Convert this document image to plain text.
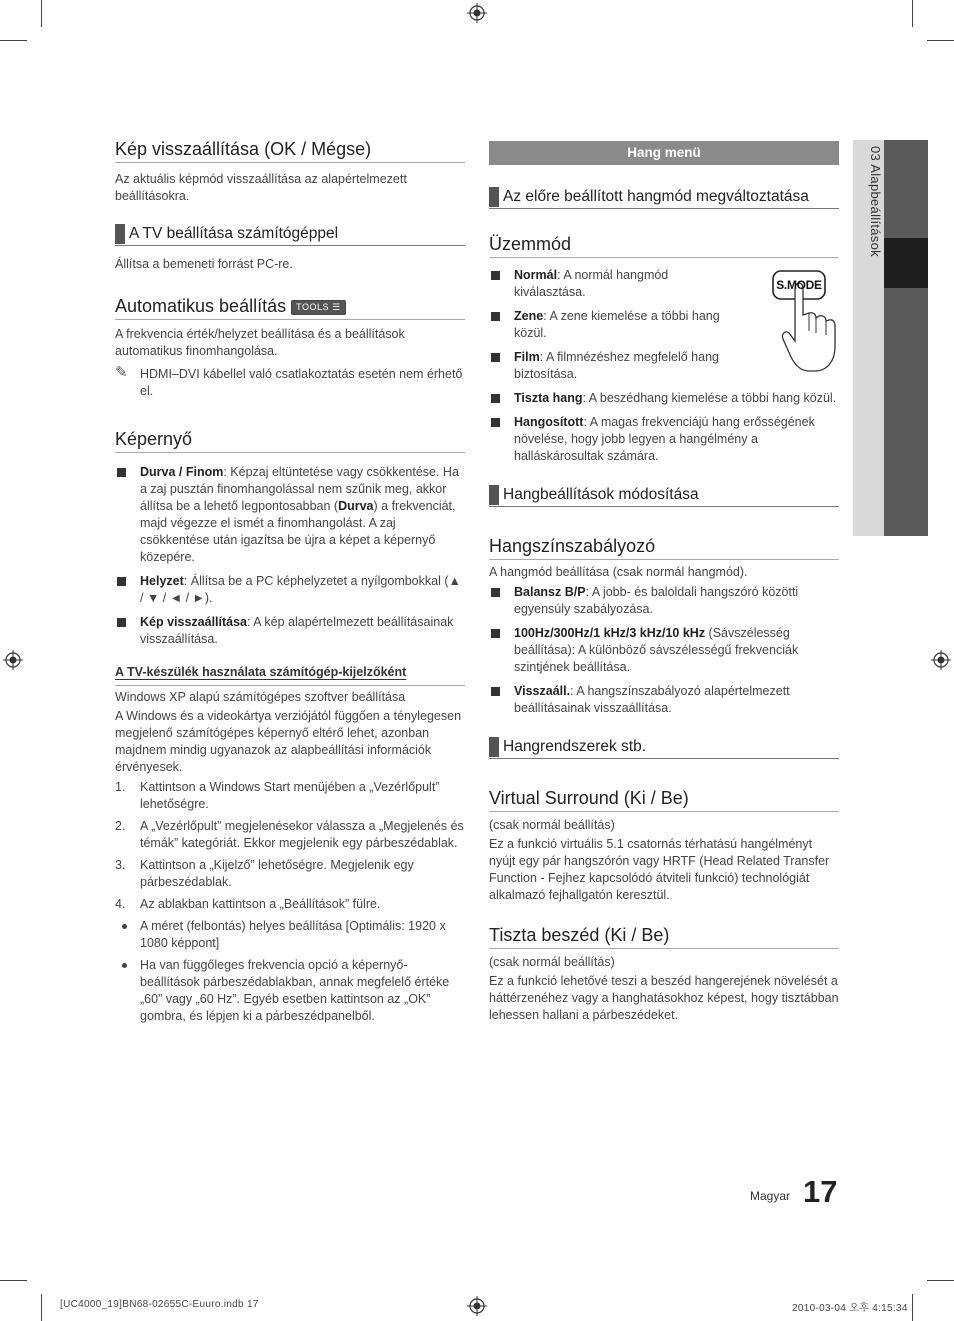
Kép visszaállítása (OK / Mégse)
Az aktuális képmód visszaállítása az alapértelmezett beállításokra.
A TV beállítása számítógéppel
Állítsa a bemeneti forrást PC-re.
Automatikus beállítás TOOLS ☰
A frekvencia érték/helyzet beállítása és a beállítások automatikus finomhangolása.
✎ HDMI–DVI kábellel való csatlakoztatás esetén nem érhető el.
Képernyő
Durva / Finom: Képzaj eltüntetése vagy csökkentése. Ha a zaj pusztán finomhangolással nem szűnik meg, akkor állítsa be a lehető legpontosabban (Durva) a frekvenciát, majd végezze el ismét a finomhangolást. A zaj csökkentése után igazítsa be újra a képet a képernyő közepére.
Helyzet: Állítsa be a PC képhelyzetet a nyílgombokkal (▲ / ▼ / ◄ / ►).
Kép visszaállítása: A kép alapértelmezett beállításainak visszaállítása.
A TV-készülék használata számítógép-kijelzőként
Windows XP alapú számítógépes szoftver beállítása
A Windows és a videokártya verziójától függően a ténylegesen megjelenő számítógépes képernyő eltérő lehet, azonban majdnem mindig ugyanazok az alapbeállítási információk érvényesek.
1. Kattintson a Windows Start menüjében a „Vezérlőpult” lehetőségre.
2. A „Vezérlőpult” megjelenésekor válassza a „Megjelenés és témák” kategóriát. Ekkor megjelenik egy párbeszédablak.
3. Kattintson a „Kijelző” lehetőségre. Megjelenik egy párbeszédablak.
4. Az ablakban kattintson a „Beállítások” fülre.
A méret (felbontás) helyes beállítása [Optimális: 1920 x 1080 képpont]
Ha van függőleges frekvencia opció a képernyő-beállítások párbeszédablakban, annak megfelelő értéke „60” vagy „60 Hz”. Egyéb esetben kattintson az „OK” gombra, és lépjen ki a párbeszédpanelből.
Hang menü
Az előre beállított hangmód megváltoztatása
Üzemmód
S.MODE
Normál: A normál hangmód kiválasztása.
Zene: A zene kiemelése a többi hang közül.
Film: A filmnézéshez megfelelő hang biztosítása.
Tiszta hang: A beszédhang kiemelése a többi hang közül.
Hangosított: A magas frekvenciájú hang erősségének növelése, hogy jobb legyen a hangélmény a halláskárosultak számára.
Hangbeállítások módosítása
Hangszínszabályozó
A hangmód beállítása (csak normál hangmód).
Balansz B/P: A jobb- és baloldali hangszóró közötti egyensúly szabályozása.
100Hz/300Hz/1 kHz/3 kHz/10 kHz (Sávszélesség beállítása): A különböző sávszélességű frekvenciák szintjének beállítása.
Visszaáll.: A hangszínszabályozó alapértelmezett beállításainak visszaállítása.
Hangrendszerek stb.
Virtual Surround (Ki / Be)
(csak normál beállítás)
Ez a funkció virtuális 5.1 csatornás térhatású hangélményt nyújt egy pár hangszórón vagy HRTF (Head Related Transfer Function - Fejhez kapcsolódó átviteli funkció) technológiát alkalmazó fejhallgatón keresztül.
Tiszta beszéd (Ki / Be)
(csak normál beállítás)
Ez a funkció lehetővé teszi a beszéd hangerejének növelését a háttérzenéhez vagy a hanghatásokhoz képest, hogy tisztábban lehessen hallani a párbeszédeket.
03 Alapbeállítások
Magyar 17
[UC4000_19]BN68-02655C-Euuro.indb 17	2010-03-04 오후 4:15:34
